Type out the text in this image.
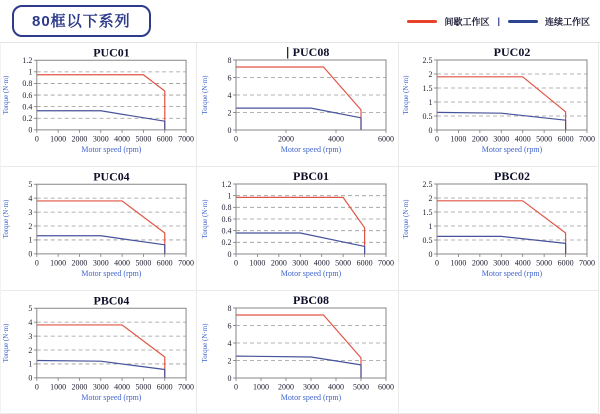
80框以下系列	间歇工作区 |	连续工作区
0
0.2
0.4
0.6
0.8
1
1.2
0 1000 2000 3000 4000 5000 6000 7000
PUC01
Motor speed (rpm)
Torque (N·m)
0
2
4
6
8
0	2000	4000	6000
PUC08
Motor speed (rpm)
Torque (N·m)
0
0.5
1
1.5
2
2.5
0 1000 2000 3000 4000 5000 6000 7000
PUC02
Motor speed (rpm)
Torque (N·m)
0
1
2
3
4
5
0 1000 2000 3000 4000 5000 6000 7000
PUC04
Motor speed (rpm)
Torque (N·m)
0
0.2
0.4
0.6
0.8
1
1.2
0 1000 2000 3000 4000 5000 6000 7000
PBC01
Motor speed (rpm)
Torque (N·m)
0
0.5
1
1.5
2
2.5
0 1000 2000 3000 4000 5000 6000 7000
PBC02
Motor speed (rpm)
Torque (N·m)
0
1
2
3
4
5
0 1000 2000 3000 4000 5000 6000 7000
PBC04
Motor speed (rpm)
Torque (N·m)
0
2
4
6
8
0 1000 2000 3000 4000 5000 6000
PBC08
Motor speed (rpm)
Torque (N·m)
